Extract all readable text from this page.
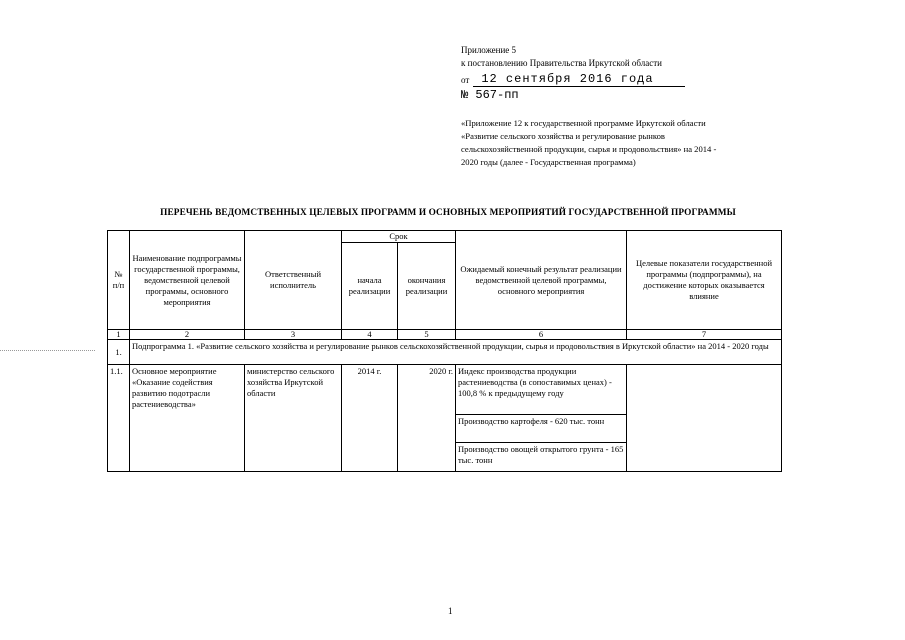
Приложение 5
к постановлению Правительства Иркутской области
от	12 сентября 2016 года
№ 567-пп
«Приложение 12 к государственной программе Иркутской области
«Развитие сельского хозяйства и регулирование рынков
сельскохозяйственной продукции, сырья и продовольствия» на 2014 -
2020 годы (далее - Государственная программа)
ПЕРЕЧЕНЬ ВЕДОМСТВЕННЫХ ЦЕЛЕВЫХ ПРОГРАММ И ОСНОВНЫХ МЕРОПРИЯТИЙ ГОСУДАРСТВЕННОЙ ПРОГРАММЫ
№ п/п	Наименование подпрограммы государственной программы, ведомственной целевой программы, основного мероприятия	Ответственный исполнитель	Срок		Ожидаемый конечный результат реализации ведомственной целевой программы, основного мероприятия	Целевые показатели государственной программы (подпрограммы), на достижение которых оказывается влияние
			начала реализации	окончания реализации		
1	2	3	4	5	6	7
1.	Подпрограмма 1. «Развитие сельского хозяйства и регулирование рынков сельскохозяйственной продукции, сырья и продовольствия в Иркутской области» на 2014 - 2020 годы					
1.1.	Основное мероприятие «Оказание содействия развитию подотрасли растениеводства»	министерство сельского хозяйства Иркутской области	2014 г.	2020 г.	Индекс производства продукции растениеводства (в сопоставимых ценах) - 100,8 % к предыдущему году
Производство картофеля - 620 тыс. тонн
Производство овощей открытого грунта - 165 тыс. тонн	

1
